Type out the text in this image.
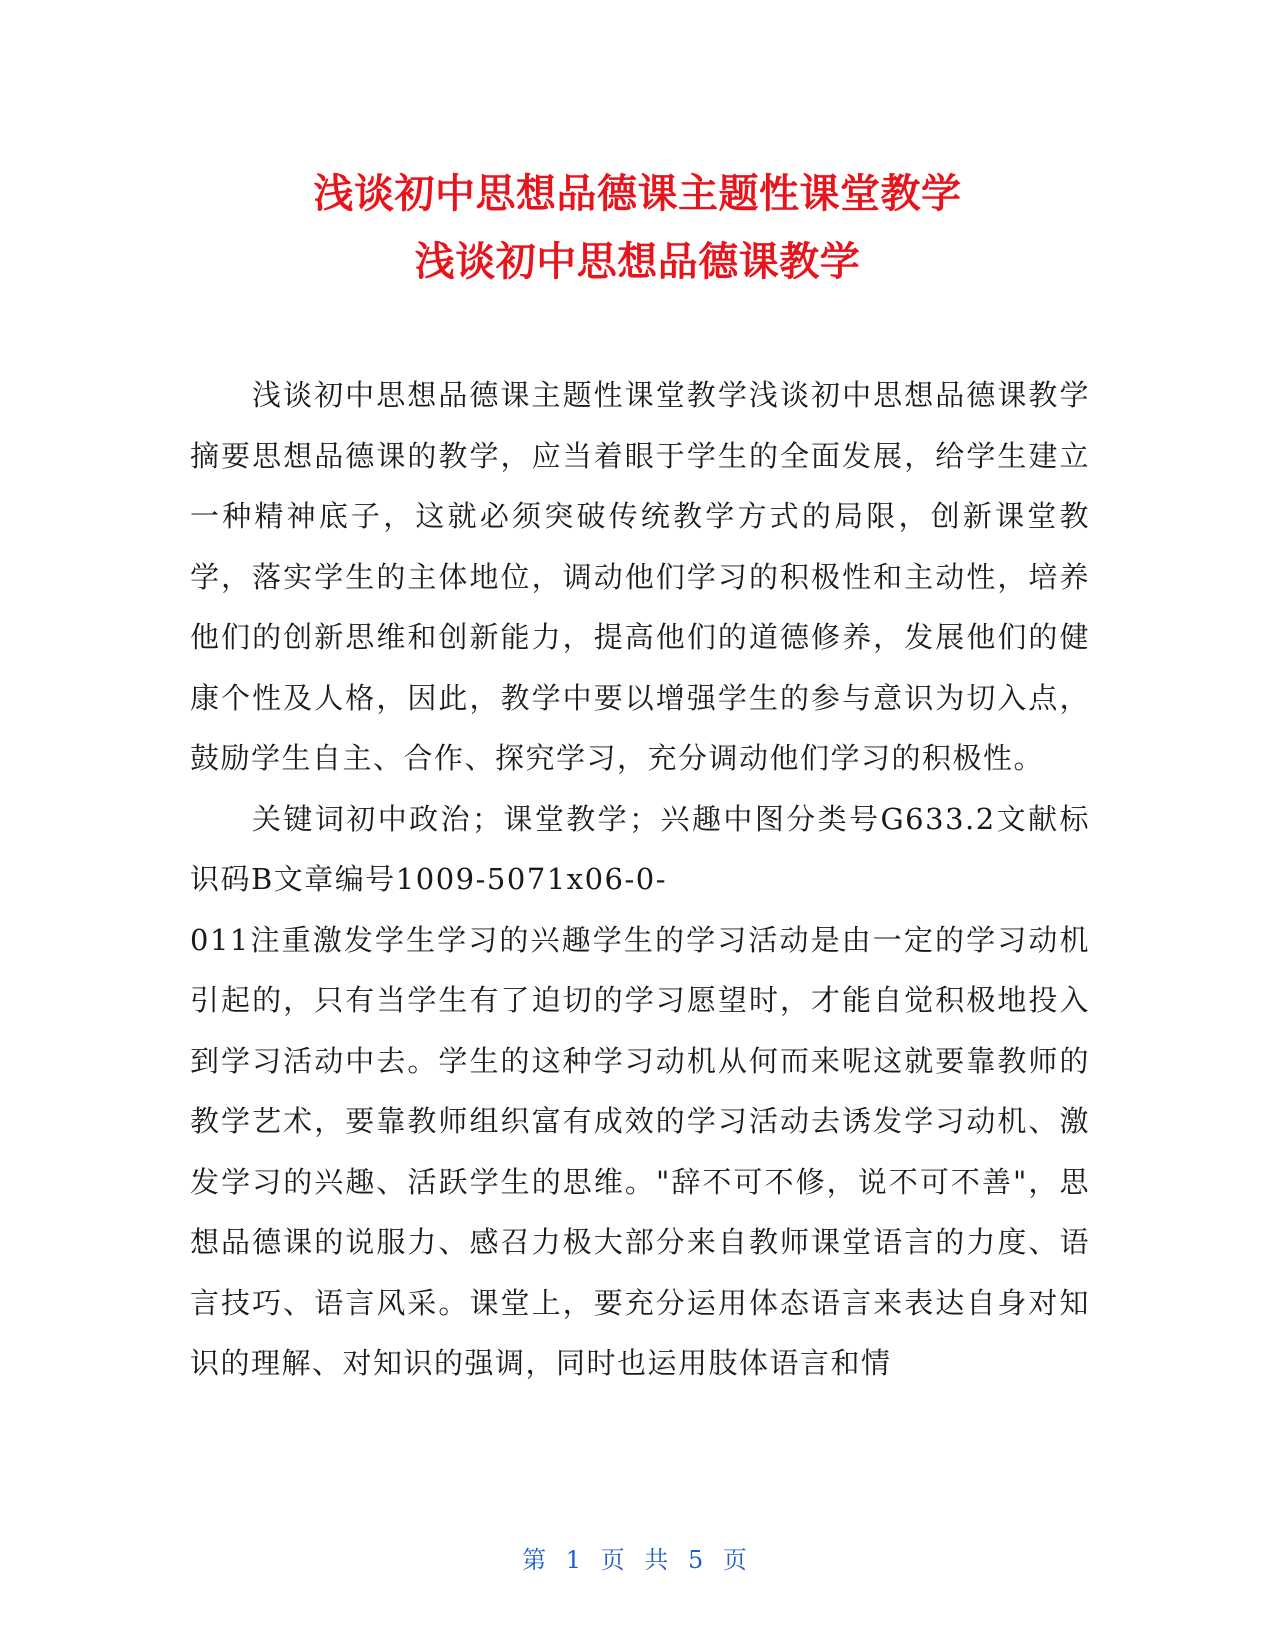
浅谈初中思想品德课主题性课堂教学
浅谈初中思想品德课教学

浅谈初中思想品德课主题性课堂教学浅谈初中思想品德课教学摘要思想品德课的教学，应当着眼于学生的全面发展，给学生建立一种精神底子，这就必须突破传统教学方式的局限，创新课堂教学，落实学生的主体地位，调动他们学习的积极性和主动性，培养他们的创新思维和创新能力，提高他们的道德修养，发展他们的健康个性及人格，因此，教学中要以增强学生的参与意识为切入点，鼓励学生自主、合作、探究学习，充分调动他们学习的积极性。

关键词初中政治；课堂教学；兴趣中图分类号G633.2文献标识码B文章编号1009-5071x06-0-

011注重激发学生学习的兴趣学生的学习活动是由一定的学习动机引起的，只有当学生有了迫切的学习愿望时，才能自觉积极地投入到学习活动中去。学生的这种学习动机从何而来呢这就要靠教师的教学艺术，要靠教师组织富有成效的学习活动去诱发学习动机、激发学习的兴趣、活跃学生的思维。"辞不可不修，说不可不善"，思想品德课的说服力、感召力极大部分来自教师课堂语言的力度、语言技巧、语言风采。课堂上，要充分运用体态语言来表达自身对知识的理解、对知识的强调，同时也运用肢体语言和情

第 1 页 共 5 页
